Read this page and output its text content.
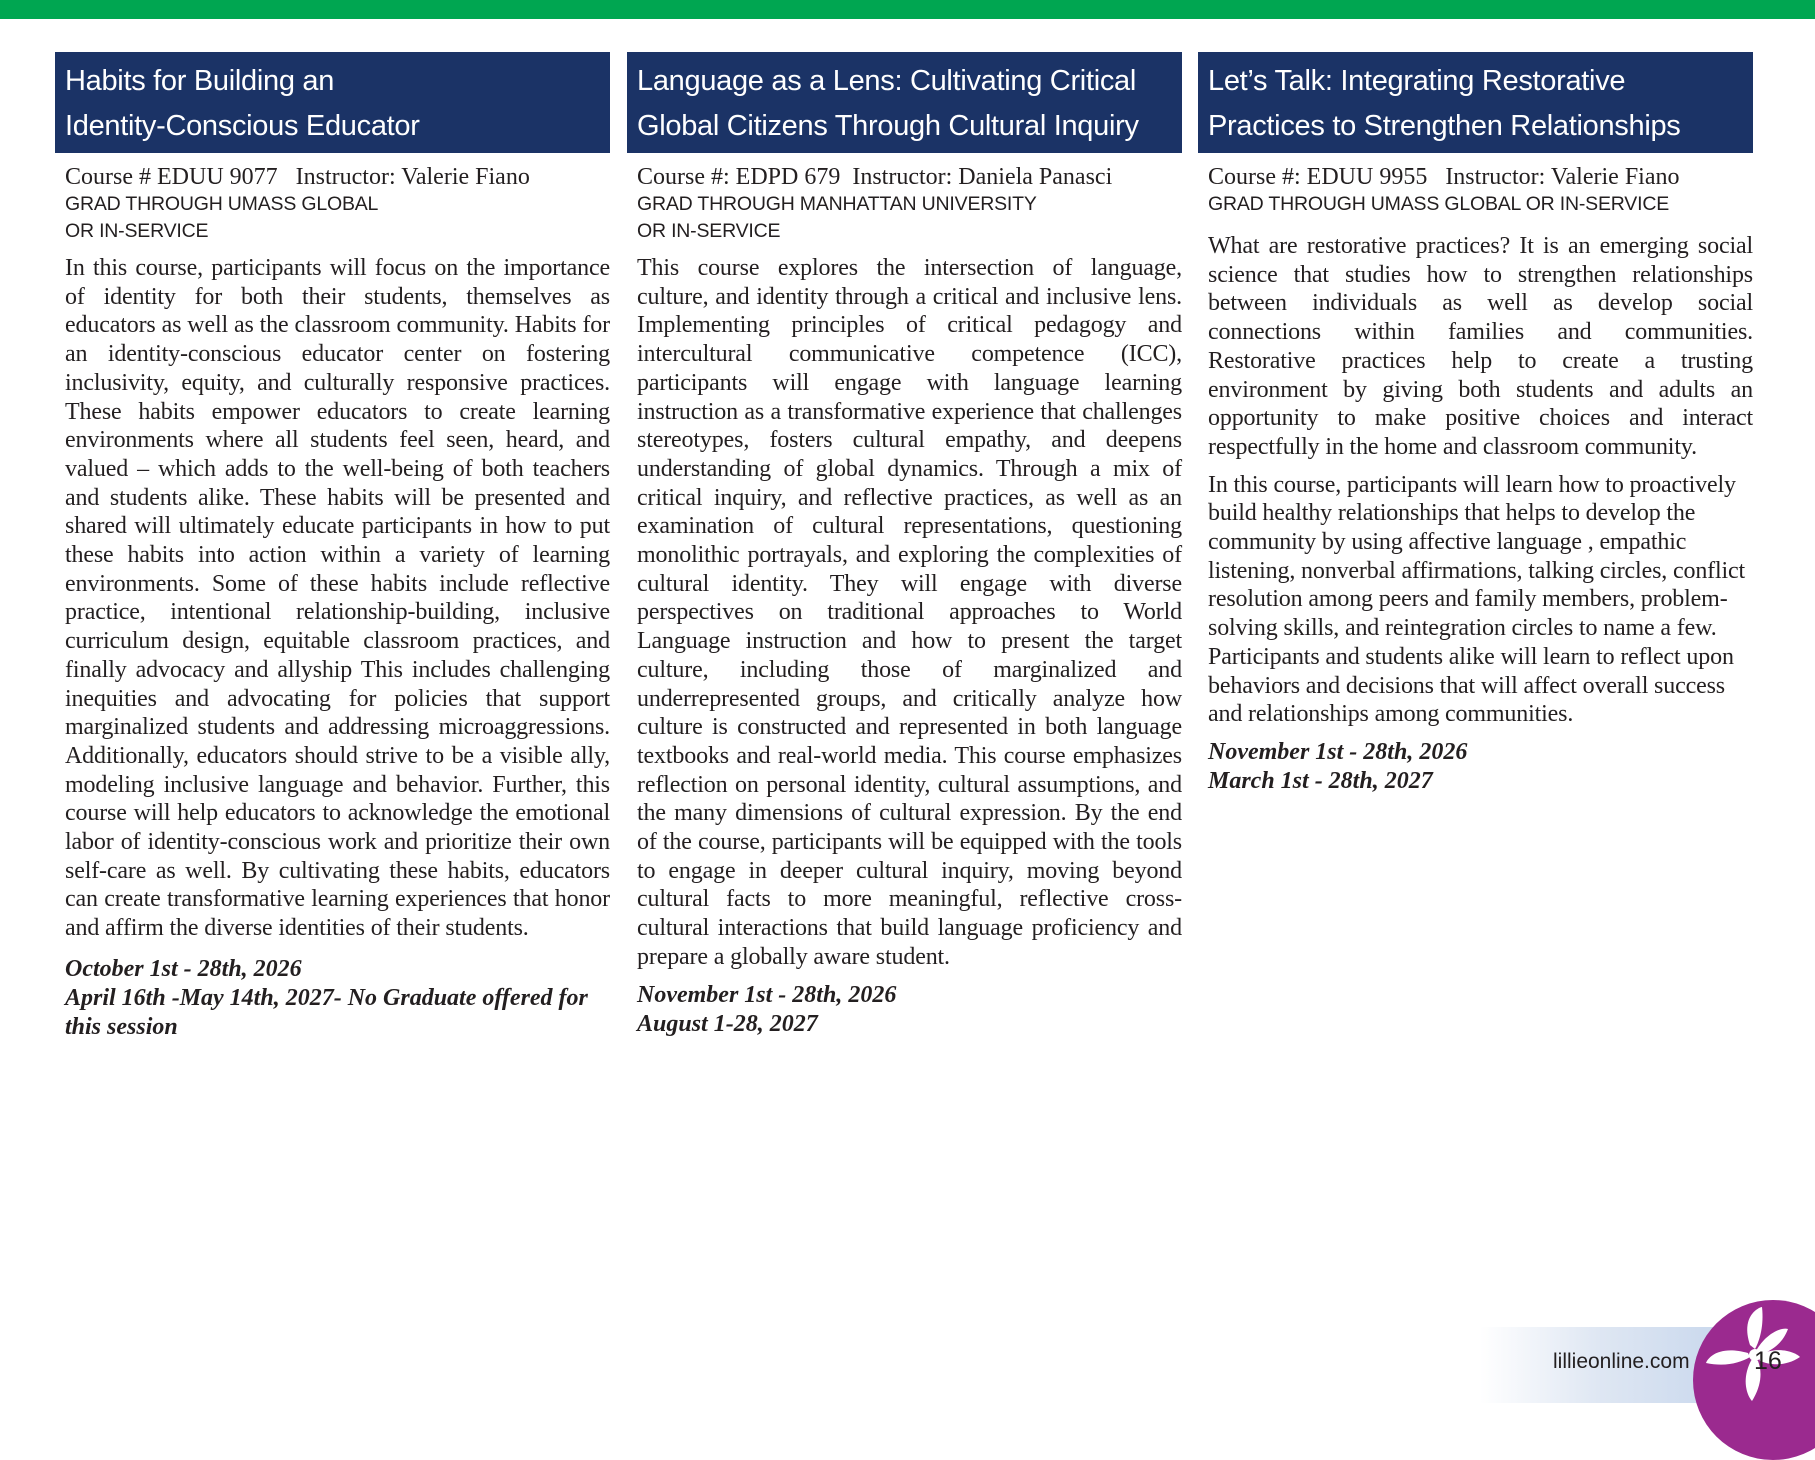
Habits for Building an
Identity-Conscious Educator
Course # EDUU 9077   Instructor: Valerie Fiano
GRAD THROUGH UMASS GLOBAL
OR IN-SERVICE

In this course, participants will focus on the importance of identity for both their students, themselves as educators as well as the classroom community. Habits for an identity-conscious educator center on fostering inclusivity, equity, and culturally responsive practices. These habits empower educators to create learning environments where all students feel seen, heard, and valued – which adds to the well-being of both teachers and students alike. These habits will be presented and shared will ultimately educate participants in how to put these habits into action within a variety of learning environments. Some of these habits include reflective practice, intentional relationship-building, inclusive curriculum design, equitable classroom practices, and finally advocacy and allyship This includes challenging inequities and advocating for policies that support marginalized students and addressing microaggressions. Additionally, educators should strive to be a visible ally, modeling inclusive language and behavior. Further, this course will help educators to acknowledge the emotional labor of identity-conscious work and prioritize their own self-care as well. By cultivating these habits, educators can create transformative learning experiences that honor and affirm the diverse identities of their students.

October 1st - 28th, 2026
April 16th -May 14th, 2027- No Graduate offered for this session
Language as a Lens: Cultivating Critical
Global Citizens Through Cultural Inquiry
Course #: EDPD 679  Instructor: Daniela Panasci
GRAD THROUGH MANHATTAN UNIVERSITY
OR IN-SERVICE

This course explores the intersection of language, culture, and identity through a critical and inclusive lens. Implementing principles of critical pedagogy and intercultural communicative competence (ICC), participants will engage with language learning instruction as a transformative experience that challenges stereotypes, fosters cultural empathy, and deepens understanding of global dynamics. Through a mix of critical inquiry, and reflective practices, as well as an examination of cultural representations, questioning monolithic portrayals, and exploring the complexities of cultural identity. They will engage with diverse perspectives on traditional approaches to World Language instruction and how to present the target culture, including those of marginalized and underrepresented groups, and critically analyze how culture is constructed and represented in both language textbooks and real-world media. This course emphasizes reflection on personal identity, cultural assumptions, and the many dimensions of cultural expression. By the end of the course, participants will be equipped with the tools to engage in deeper cultural inquiry, moving beyond cultural facts to more meaningful, reflective cross-cultural interactions that build language proficiency and prepare a globally aware student.

November 1st - 28th, 2026
August 1-28, 2027
Let’s Talk: Integrating Restorative
Practices to Strengthen Relationships
Course #: EDUU 9955   Instructor: Valerie Fiano
GRAD THROUGH UMASS GLOBAL OR IN-SERVICE

What are restorative practices? It is an emerging social science that studies how to strengthen relationships between individuals as well as develop social connections within families and communities. Restorative practices help to create a trusting environment by giving both students and adults an opportunity to make positive choices and interact respectfully in the home and classroom community.

In this course, participants will learn how to proactively build healthy relationships that helps to develop the community by using affective language , empathic listening, nonverbal affirmations, talking circles, conflict resolution among peers and family members, problem-solving skills, and reintegration circles to name a few. Participants and students alike will learn to reflect upon behaviors and decisions that will affect overall success and relationships among communities.

November 1st - 28th, 2026
March 1st - 28th, 2027
lillieonline.com	16
